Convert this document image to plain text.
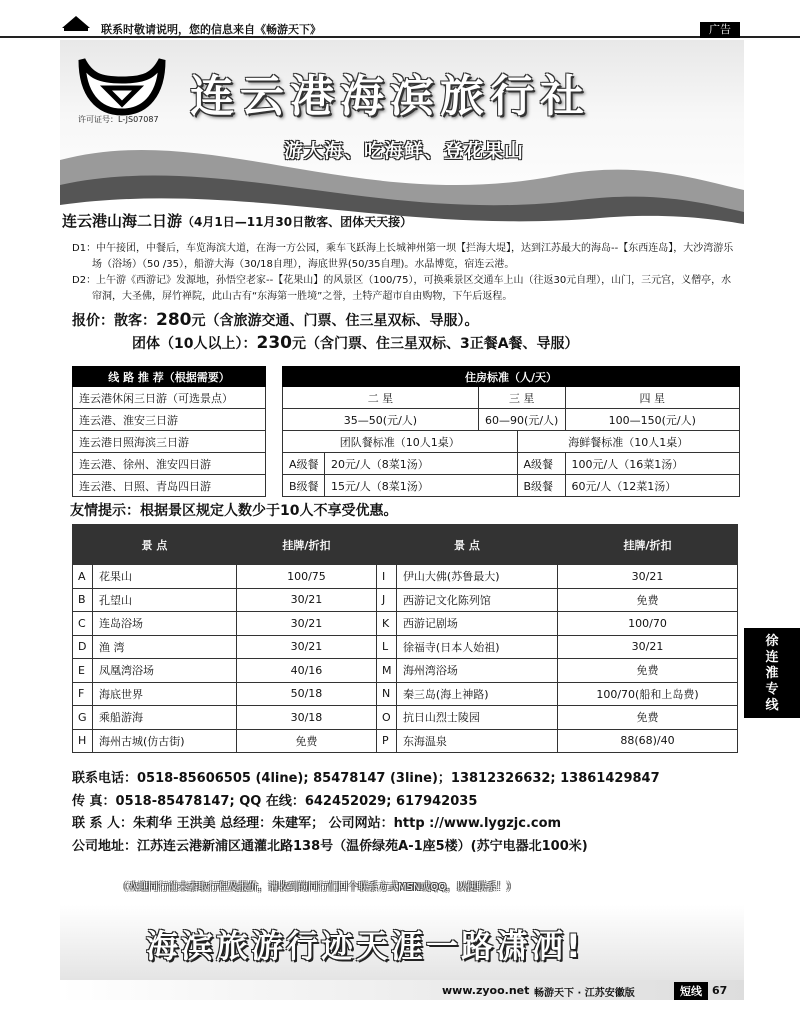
联系时敬请说明，您的信息来自《畅游天下》	广告
许可证号：L-JS07087 连云港海滨旅行社
游大海、吃海鲜、登花果山
连云港山海二日游（4月1日—11月30日散客、团体天天接）

D1：中午接团，中餐后，车览海滨大道，在海一方公园，乘车飞跃海上长城神州第一坝【拦海大堤】，达到江苏最大的海岛--【东西连岛】，大沙湾游乐场（浴场）（50 /35），船游大海（30/18自理），海底世界(50/35自理)。水晶博览，宿连云港。

D2：上午游《西游记》发源地，孙悟空老家--【花果山】的风景区（100/75），可换乘景区交通车上山（往返30元自理），山门，三元宫，义僧亭，水帘洞，大圣佛，屏竹禅院，此山古有“东海第一胜境”之誉，土特产超市自由购物，下午后返程。

报价：散客：280元（含旅游交通、门票、住三星双标、导服）。
团体（10人以上）：230元（含门票、住三星双标、3正餐A餐、导服）
线 路 推 荐（根据需要）
连云港休闲三日游（可选景点）
连云港、淮安三日游
连云港日照海滨三日游
连云港、徐州、淮安四日游
连云港、日照、青岛四日游
住房标准（人/天）				
二 星		三 星		四 星
35—50(元/人)		60—90(元/人)		100—150(元/人)
团队餐标准（10人1桌）			海鲜餐标准（10人1桌）	
A级餐	20元/人（8菜1汤）		A级餐	100元/人（16菜1汤）
B级餐	15元/人（8菜1汤）		B级餐	60元/人（12菜1汤）
友情提示：根据景区规定人数少于10人不享受优惠。
景 点		挂牌/折扣	景 点		挂牌/折扣
A	花果山	100/75	I	伊山大佛(苏鲁最大)	30/21
B	孔望山	30/21	J	西游记文化陈列馆	免费
C	连岛浴场	30/21	K	西游记剧场	100/70
D	渔 湾	30/21	L	徐福寺(日本人始祖)	30/21
E	凤凰湾浴场	40/16	M	海州湾浴场	免费
F	海底世界	50/18	N	秦三岛(海上神路)	100/70(船和上岛费)
G	乘船游海	30/18	O	抗日山烈士陵园	免费
H	海州古城(仿古街)	免费	P	东海温泉	88(68)/40
联系电话：0518-85606505 (4line); 85478147 (3line)；13812326632; 13861429847
传 真：0518-85478147; QQ 在线：642452029; 617942035
联 系 人：朱莉华 王洪美 总经理：朱建军； 公司网站：http ://www.lygzjc.com
公司地址：江苏连云港新浦区通灌北路138号（温侨绿苑A-1座5楼）(苏宁电器北100米)
海滨旅游行迹天涯一路潇洒!
（欢迎同行前来索取行程及报价，请收到的同行们回个联系方式MSN或QQ，以便联系！）
www.zyoo.net 畅游天下 · 江苏安徽版	短线 67
徐连淮专线
